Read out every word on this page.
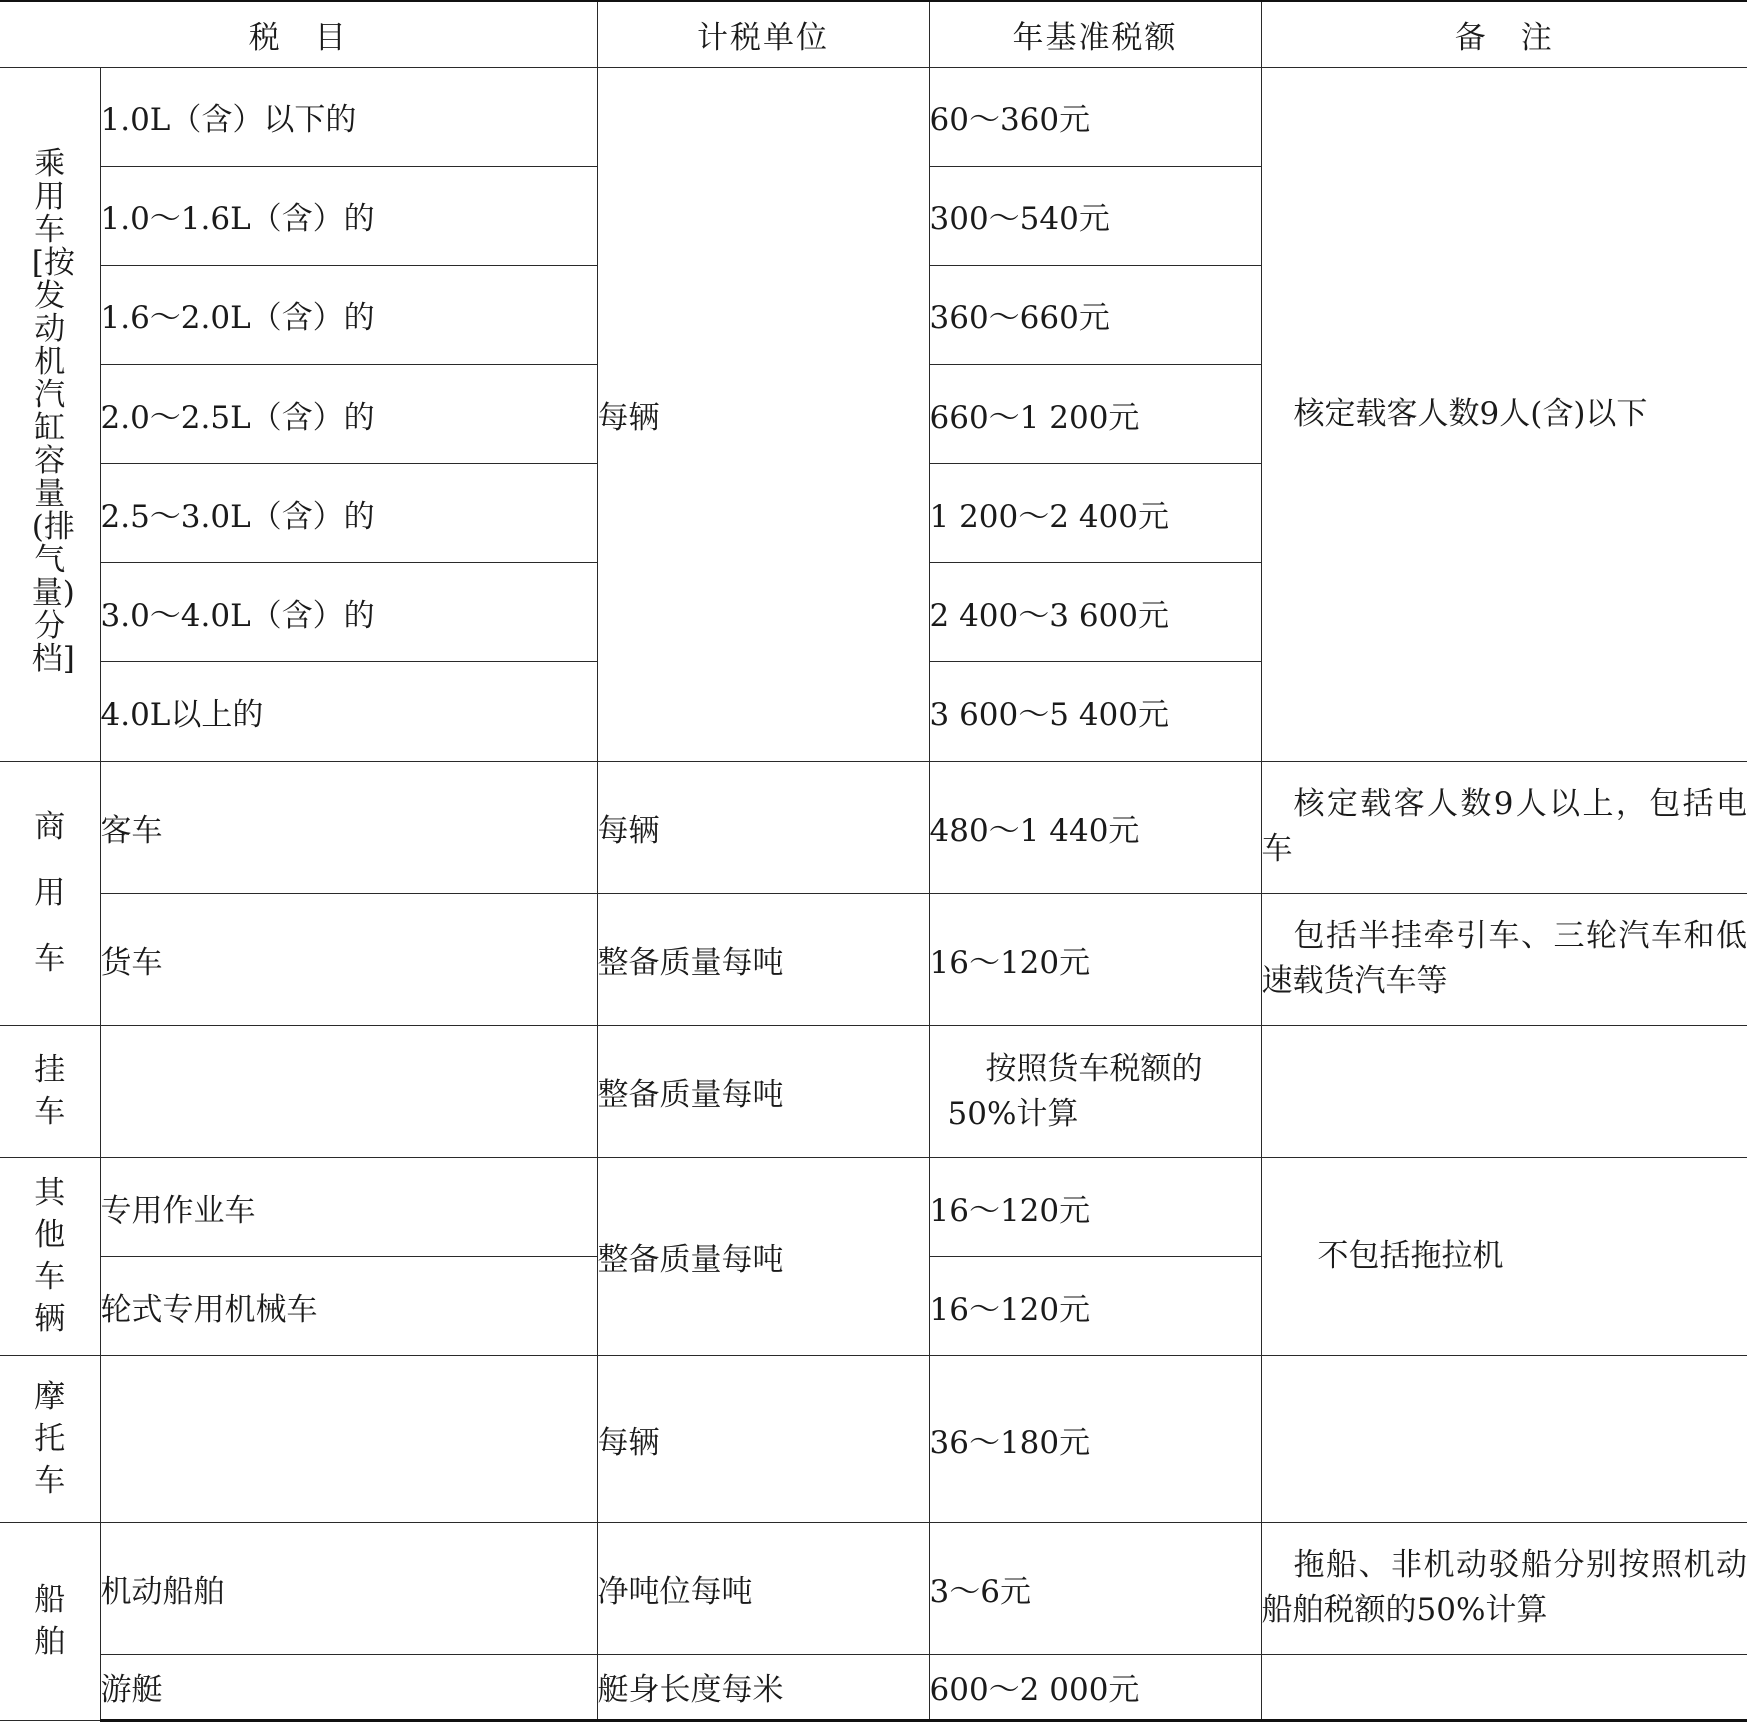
税　目		计税单位	年基准税额	备　注
乘用车[按发动机汽缸容量(排气量)分档]	1.0L（含）以下的	每辆	60～360元	核定载客人数9人(含)以下
	1.0～1.6L（含）的		300～540元	
	1.6～2.0L（含）的		360～660元	
	2.0～2.5L（含）的		660～1 200元	
	2.5～3.0L（含）的		1 200～2 400元	
	3.0～4.0L（含）的		2 400～3 600元	
	4.0L以上的		3 600～5 400元	
商用车	客车	每辆	480～1 440元	核定载客人数9人以上，包括电车
	货车	整备质量每吨	16～120元	包括半挂牵引车、三轮汽车和低速载货汽车等
挂车		整备质量每吨	按照货车税额的50%计算	
其他车辆	专用作业车	整备质量每吨	16～120元	不包括拖拉机
	轮式专用机械车		16～120元	
摩托车		每辆	36～180元	
船舶	机动船舶	净吨位每吨	3～6元	拖船、非机动驳船分别按照机动船舶税额的50%计算
	游艇	艇身长度每米	600～2 000元	
